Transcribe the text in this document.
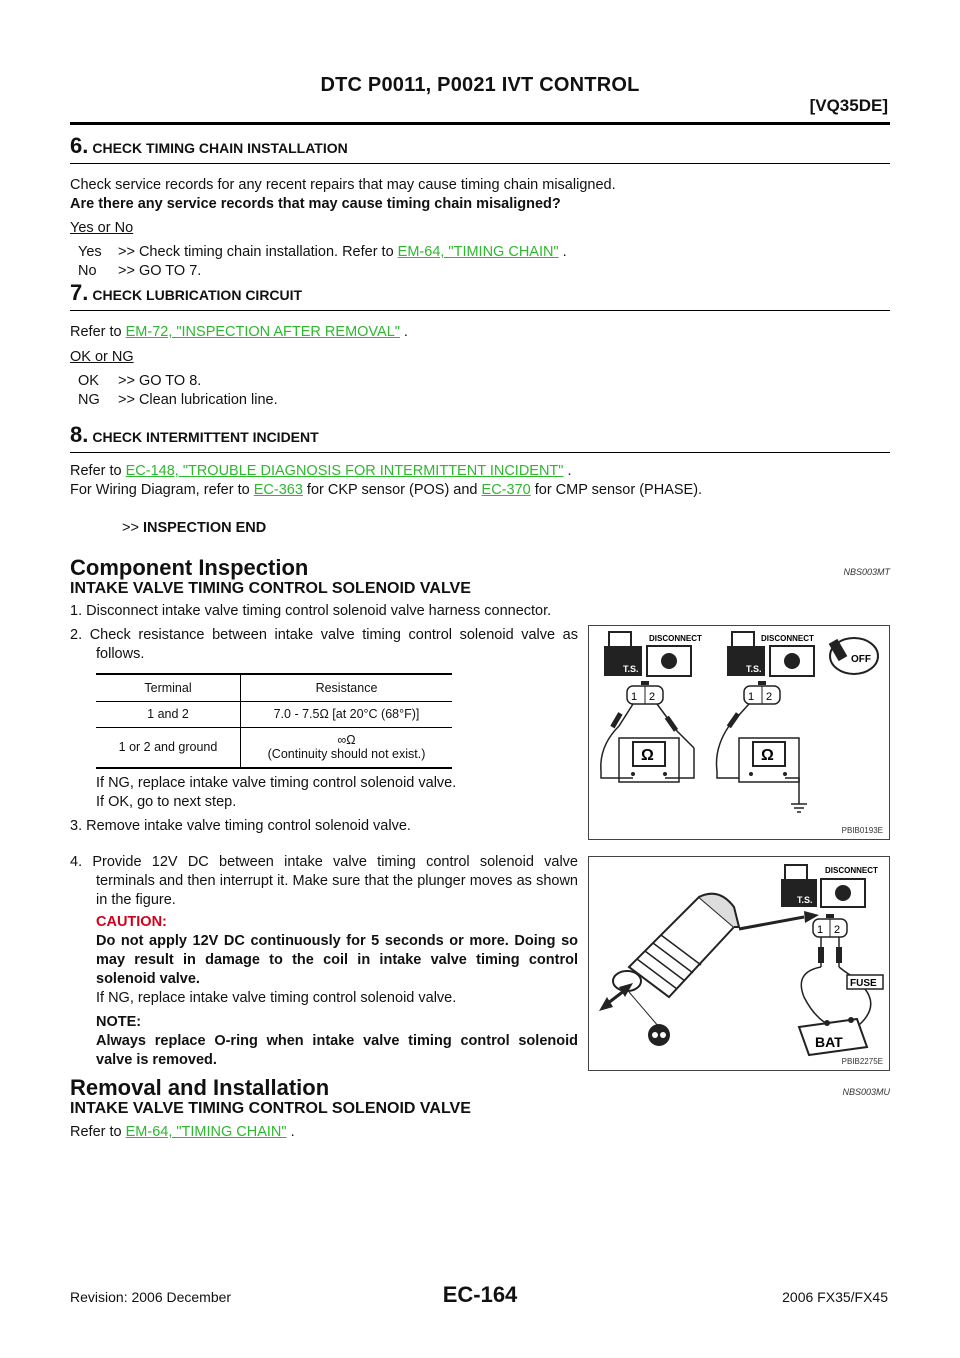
DTC P0011, P0021 IVT CONTROL
[VQ35DE]
6. CHECK TIMING CHAIN INSTALLATION
Check service records for any recent repairs that may cause timing chain misaligned.
Are there any service records that may cause timing chain misaligned?
Yes or No
Yes	>> Check timing chain installation. Refer to EM-64, "TIMING CHAIN" .
No	>> GO TO 7.
7. CHECK LUBRICATION CIRCUIT
Refer to EM-72, "INSPECTION AFTER REMOVAL" .
OK or NG
OK	>> GO TO 8.
NG	>> Clean lubrication line.
8. CHECK INTERMITTENT INCIDENT
Refer to EC-148, "TROUBLE DIAGNOSIS FOR INTERMITTENT INCIDENT" .
For Wiring Diagram, refer to EC-363 for CKP sensor (POS) and EC-370 for CMP sensor (PHASE).
>> INSPECTION END
Component Inspection	NBS003MT
INTAKE VALVE TIMING CONTROL SOLENOID VALVE
1. Disconnect intake valve timing control solenoid valve harness connector.
2. Check resistance between intake valve timing control solenoid valve as follows.
Terminal	Resistance
1 and 2	7.0 - 7.5Ω [at 20°C (68°F)]
1 or 2 and ground	∞Ω
(Continuity should not exist.)
If NG, replace intake valve timing control solenoid valve.
If OK, go to next step.
3. Remove intake valve timing control solenoid valve.
4. Provide 12V DC between intake valve timing control solenoid valve terminals and then interrupt it. Make sure that the plunger moves as shown in the figure.
CAUTION:
Do not apply 12V DC continuously for 5 seconds or more. Doing so may result in damage to the coil in intake valve timing control solenoid valve.
If NG, replace intake valve timing control solenoid valve.
NOTE:
Always replace O-ring when intake valve timing control solenoid valve is removed.
T.S.
DISCONNECT
T.S.
DISCONNECT
OFF
1 2
Ω
1 2
Ω
PBIB0193E
T.S.
DISCONNECT
1 2
FUSE
BAT
PBIB2275E
Removal and Installation	NBS003MU
INTAKE VALVE TIMING CONTROL SOLENOID VALVE
Refer to EM-64, "TIMING CHAIN" .
Revision: 2006 December	EC-164	2006 FX35/FX45
